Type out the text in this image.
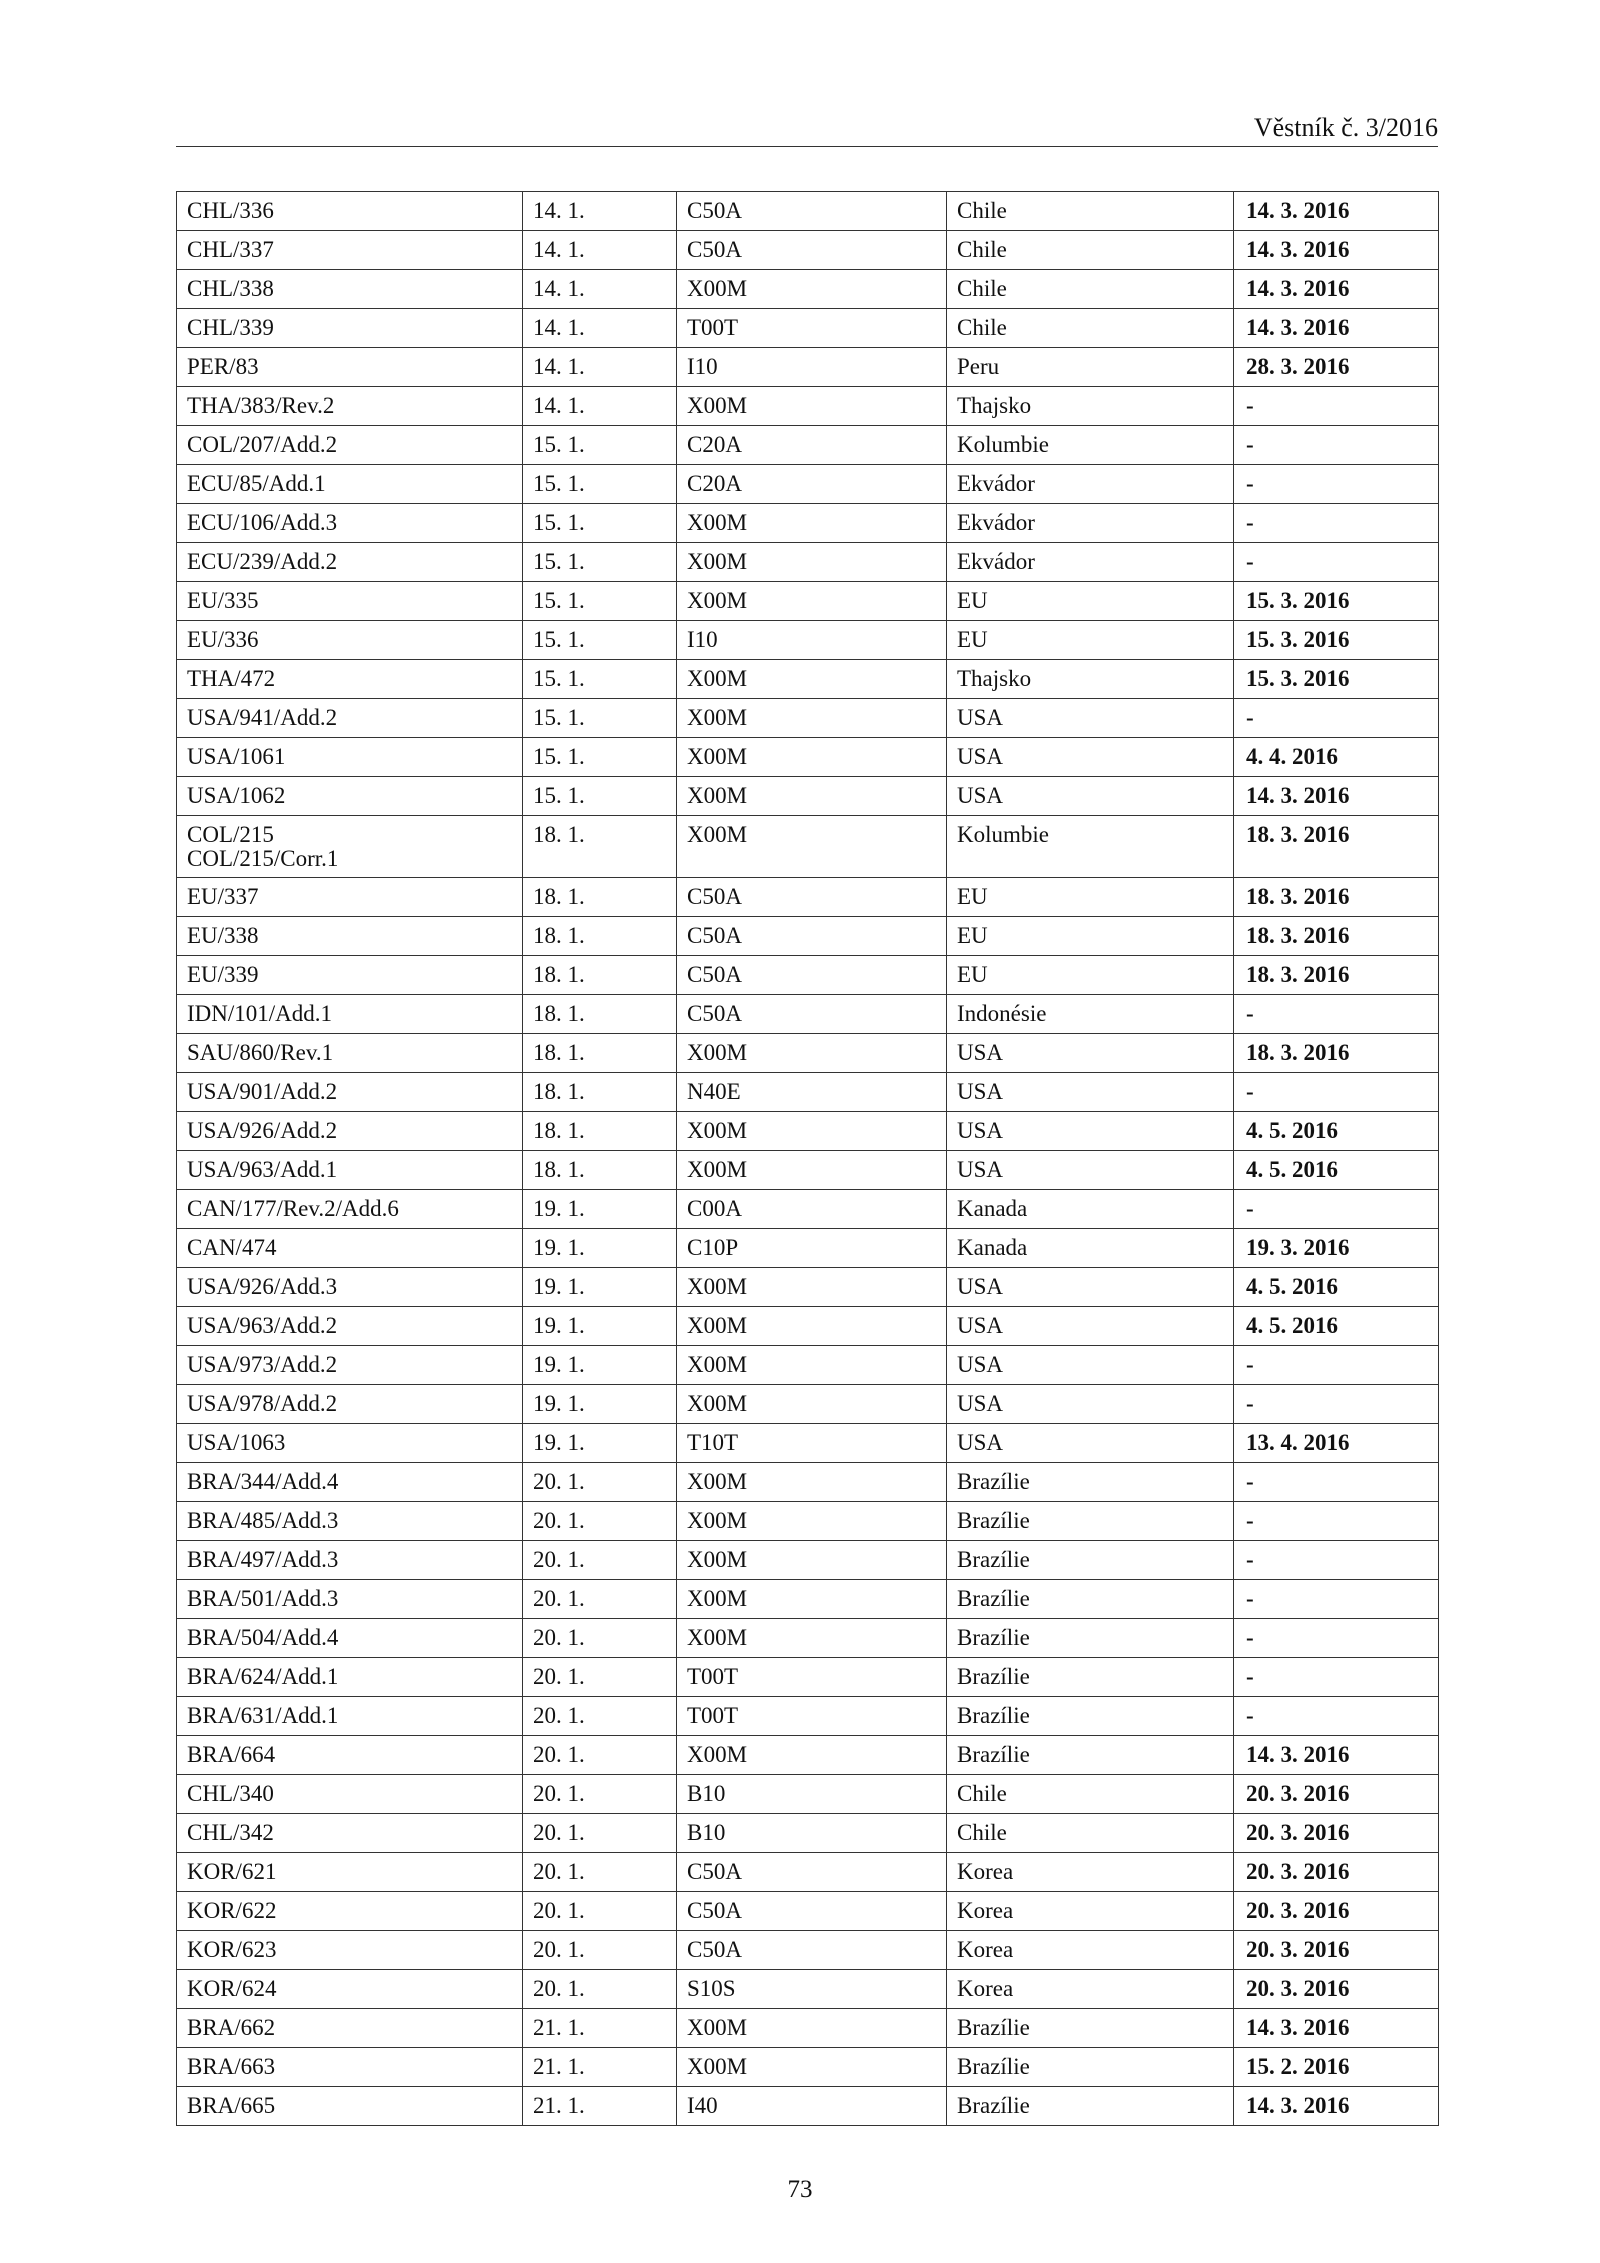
Věstník č. 3/2016
CHL/336	14. 1.	C50A	Chile	14. 3. 2016

CHL/337	14. 1.	C50A	Chile	14. 3. 2016

CHL/338	14. 1.	X00M	Chile	14. 3. 2016

CHL/339	14. 1.	T00T	Chile	14. 3. 2016

PER/83	14. 1.	I10	Peru	28. 3. 2016

THA/383/Rev.2	14. 1.	X00M	Thajsko	-

COL/207/Add.2	15. 1.	C20A	Kolumbie	-

ECU/85/Add.1	15. 1.	C20A	Ekvádor	-

ECU/106/Add.3	15. 1.	X00M	Ekvádor	-

ECU/239/Add.2	15. 1.	X00M	Ekvádor	-

EU/335	15. 1.	X00M	EU	15. 3. 2016

EU/336	15. 1.	I10	EU	15. 3. 2016

THA/472	15. 1.	X00M	Thajsko	15. 3. 2016

USA/941/Add.2	15. 1.	X00M	USA	-

USA/1061	15. 1.	X00M	USA	4. 4. 2016

USA/1062	15. 1.	X00M	USA	14. 3. 2016

COL/215
COL/215/Corr.1	18. 1.	X00M	Kolumbie	18. 3. 2016

EU/337	18. 1.	C50A	EU	18. 3. 2016

EU/338	18. 1.	C50A	EU	18. 3. 2016

EU/339	18. 1.	C50A	EU	18. 3. 2016

IDN/101/Add.1	18. 1.	C50A	Indonésie	-

SAU/860/Rev.1	18. 1.	X00M	USA	18. 3. 2016

USA/901/Add.2	18. 1.	N40E	USA	-

USA/926/Add.2	18. 1.	X00M	USA	4. 5. 2016

USA/963/Add.1	18. 1.	X00M	USA	4. 5. 2016

CAN/177/Rev.2/Add.6	19. 1.	C00A	Kanada	-

CAN/474	19. 1.	C10P	Kanada	19. 3. 2016

USA/926/Add.3	19. 1.	X00M	USA	4. 5. 2016

USA/963/Add.2	19. 1.	X00M	USA	4. 5. 2016

USA/973/Add.2	19. 1.	X00M	USA	-

USA/978/Add.2	19. 1.	X00M	USA	-

USA/1063	19. 1.	T10T	USA	13. 4. 2016

BRA/344/Add.4	20. 1.	X00M	Brazílie	-

BRA/485/Add.3	20. 1.	X00M	Brazílie	-

BRA/497/Add.3	20. 1.	X00M	Brazílie	-

BRA/501/Add.3	20. 1.	X00M	Brazílie	-

BRA/504/Add.4	20. 1.	X00M	Brazílie	-

BRA/624/Add.1	20. 1.	T00T	Brazílie	-

BRA/631/Add.1	20. 1.	T00T	Brazílie	-

BRA/664	20. 1.	X00M	Brazílie	14. 3. 2016

CHL/340	20. 1.	B10	Chile	20. 3. 2016

CHL/342	20. 1.	B10	Chile	20. 3. 2016

KOR/621	20. 1.	C50A	Korea	20. 3. 2016

KOR/622	20. 1.	C50A	Korea	20. 3. 2016

KOR/623	20. 1.	C50A	Korea	20. 3. 2016

KOR/624	20. 1.	S10S	Korea	20. 3. 2016

BRA/662	21. 1.	X00M	Brazílie	14. 3. 2016

BRA/663	21. 1.	X00M	Brazílie	15. 2. 2016

BRA/665	21. 1.	I40	Brazílie	14. 3. 2016
73
